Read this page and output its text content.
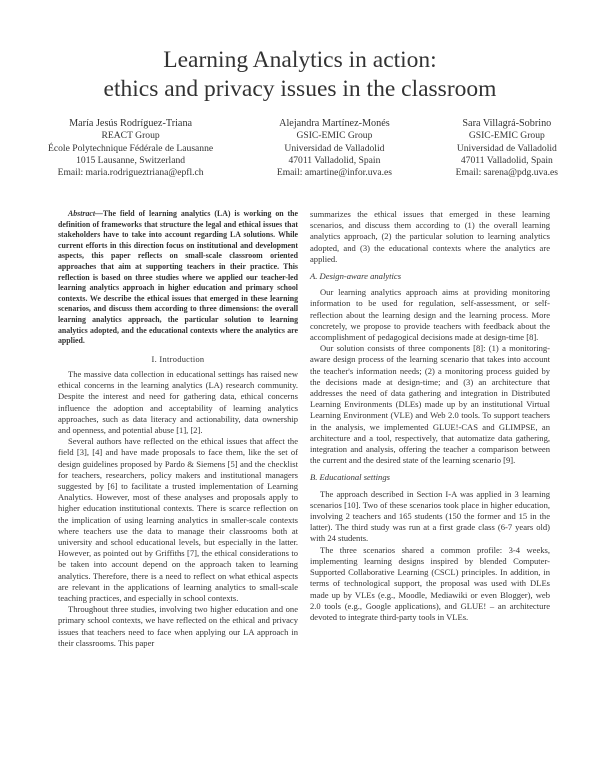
Learning Analytics in action:
ethics and privacy issues in the classroom
María Jesús Rodríguez-Triana
REACT Group
École Polytechnique Fédérale de Lausanne
1015 Lausanne, Switzerland
Email: maria.rodrigueztriana@epfl.ch
Alejandra Martínez-Monés
GSIC-EMIC Group
Universidad de Valladolid
47011 Valladolid, Spain
Email: amartine@infor.uva.es
Sara Villagrá-Sobrino
GSIC-EMIC Group
Universidad de Valladolid
47011 Valladolid, Spain
Email: sarena@pdg.uva.es

Abstract—The field of learning analytics (LA) is working on the definition of frameworks that structure the legal and ethical issues that stakeholders have to take into account regarding LA solutions. While current efforts in this direction focus on institutional and development aspects, this paper reflects on small-scale classroom oriented approaches that aim at supporting teachers in their practice. This reflection is based on three studies where we applied our teacher-led learning analytics approach in higher education and primary school contexts. We describe the ethical issues that emerged in these learning scenarios, and discuss them according to three dimensions: the overall learning analytics approach, the particular solution to learning analytics adopted, and the educational contexts where the analytics are applied.

I. Introduction

The massive data collection in educational settings has raised new ethical concerns in the learning analytics (LA) research community. Despite the interest and need for gathering data, ethical concerns influence the adoption and acceptability of learning analytics approaches, such as data literacy and actionability, data ownership and openness, and potential abuse [1], [2].

Several authors have reflected on the ethical issues that affect the field [3], [4] and have made proposals to face them, like the set of design guidelines proposed by Pardo & Siemens [5] and the checklist for teachers, researchers, policy makers and institutional managers suggested by [6] to facilitate a trusted implementation of Learning Analytics. However, most of these analyses and proposals apply to higher education institutional contexts. There is scarce reflection on the implication of using learning analytics in smaller-scale contexts where teachers use the data to manage their classrooms both at university and school educational levels, but especially in the latter. However, as pointed out by Griffiths [7], the ethical considerations to be taken into account depend on the approach taken to learning analytics. Therefore, there is a need to reflect on what ethical aspects are relevant in the applications of learning analytics to small-scale teaching practices, and especially in school contexts.

Throughout three studies, involving two higher education and one primary school contexts, we have reflected on the ethical and privacy issues that teachers need to face when applying our LA approach in their classrooms. This paper

summarizes the ethical issues that emerged in these learning scenarios, and discuss them according to (1) the overall learning analytics approach, (2) the particular solution to learning analytics adopted, and (3) the educational contexts where the analytics are applied.

A. Design-aware analytics

Our learning analytics approach aims at providing monitoring information to be used for regulation, self-assessment, or self-reflection about the learning design and the learning process. More concretely, we propose to provide teachers with feedback about the accomplishment of pedagogical decisions made at design-time [8].

Our solution consists of three components [8]: (1) a monitoring-aware design process of the learning scenario that takes into account the teacher's information needs; (2) a monitoring process guided by the decisions made at design-time; and (3) an architecture that addresses the need of data gathering and integration in Distributed Learning Environments (DLEs) made up by an institutional Virtual Learning Environment (VLE) and Web 2.0 tools. To support teachers in the analysis, we implemented GLUE!-CAS and GLIMPSE, an architecture and a tool, respectively, that automatize data gathering, integration and analysis, offering the teacher a comparison between the current and the desired state of the learning scenario [9].

B. Educational settings

The approach described in Section I-A was applied in 3 learning scenarios [10]. Two of these scenarios took place in higher education, involving 2 teachers and 165 students (150 the former and 15 in the latter). The third study was run at a first grade class (6-7 years old) with 24 students.

The three scenarios shared a common profile: 3-4 weeks, implementing learning designs inspired by blended Computer-Supported Collaborative Learning (CSCL) principles. In addition, in terms of technological support, the proposal was used with DLEs made up by VLEs (e.g., Moodle, Mediawiki or even Blogger), web 2.0 tools (e.g., Google applications), and GLUE! – an architecture devoted to integrate third-party tools in VLEs.
